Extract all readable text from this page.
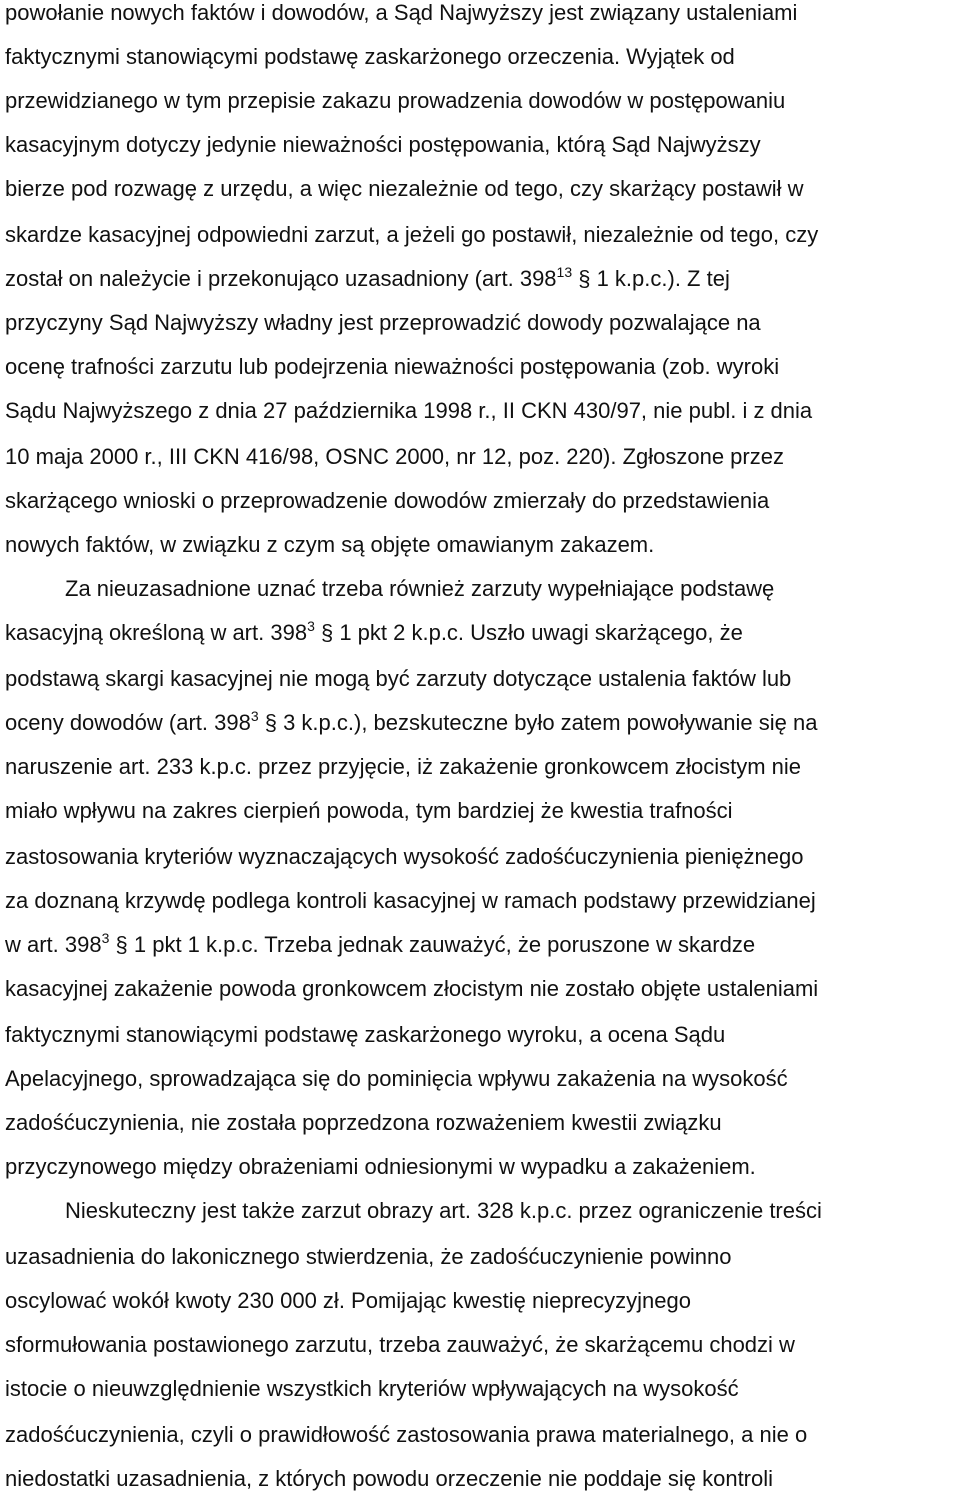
powołanie nowych faktów i dowodów, a Sąd Najwyższy jest związany ustaleniami
faktycznymi stanowiącymi podstawę zaskarżonego orzeczenia. Wyjątek od
przewidzianego w tym przepisie zakazu prowadzenia dowodów w postępowaniu
kasacyjnym dotyczy jedynie nieważności postępowania, którą Sąd Najwyższy
bierze pod rozwagę z urzędu, a więc niezależnie od tego, czy skarżący postawił w
skardze kasacyjnej odpowiedni zarzut, a jeżeli go postawił, niezależnie od tego, czy
został on należycie i przekonująco uzasadniony (art. $398^{13}$ § 1 k.p.c.). Z tej
przyczyny Sąd Najwyższy władny jest przeprowadzić dowody pozwalające na
ocenę trafności zarzutu lub podejrzenia nieważności postępowania (zob. wyroki
Sądu Najwyższego z dnia 27 października 1998 r., II CKN 430/97, nie publ. i z dnia
10 maja 2000 r., III CKN 416/98, OSNC 2000, nr 12, poz. 220). Zgłoszone przez
skarżącego wnioski o przeprowadzenie dowodów zmierzały do przedstawienia
nowych faktów, w związku z czym są objęte omawianym zakazem.
Za nieuzasadnione uznać trzeba również zarzuty wypełniające podstawę
kasacyjną określoną w art. $398^3$ § 1 pkt 2 k.p.c. Uszło uwagi skarżącego, że
podstawą skargi kasacyjnej nie mogą być zarzuty dotyczące ustalenia faktów lub
oceny dowodów (art. $398^3$ § 3 k.p.c.), bezskuteczne było zatem powoływanie się na
naruszenie art. 233 k.p.c. przez przyjęcie, iż zakażenie gronkowcem złocistym nie
miało wpływu na zakres cierpień powoda, tym bardziej że kwestia trafności
zastosowania kryteriów wyznaczających wysokość zadośćuczynienia pieniężnego
za doznaną krzywdę podlega kontroli kasacyjnej w ramach podstawy przewidzianej
w art. $398^3$ § 1 pkt 1 k.p.c. Trzeba jednak zauważyć, że poruszone w skardze
kasacyjnej zakażenie powoda gronkowcem złocistym nie zostało objęte ustaleniami
faktycznymi stanowiącymi podstawę zaskarżonego wyroku, a ocena Sądu
Apelacyjnego, sprowadzająca się do pominięcia wpływu zakażenia na wysokość
zadośćuczynienia, nie została poprzedzona rozważeniem kwestii związku
przyczynowego między obrażeniami odniesionymi w wypadku a zakażeniem.
Nieskuteczny jest także zarzut obrazy art. 328 k.p.c. przez ograniczenie treści
uzasadnienia do lakonicznego stwierdzenia, że zadośćuczynienie powinno
oscylować wokół kwoty 230 000 zł. Pomijając kwestię nieprecyzyjnego
sformułowania postawionego zarzutu, trzeba zauważyć, że skarżącemu chodzi w
istocie o nieuwzględnienie wszystkich kryteriów wpływających na wysokość
zadośćuczynienia, czyli o prawidłowość zastosowania prawa materialnego, a nie o
niedostatki uzasadnienia, z których powodu orzeczenie nie poddaje się kontroli
